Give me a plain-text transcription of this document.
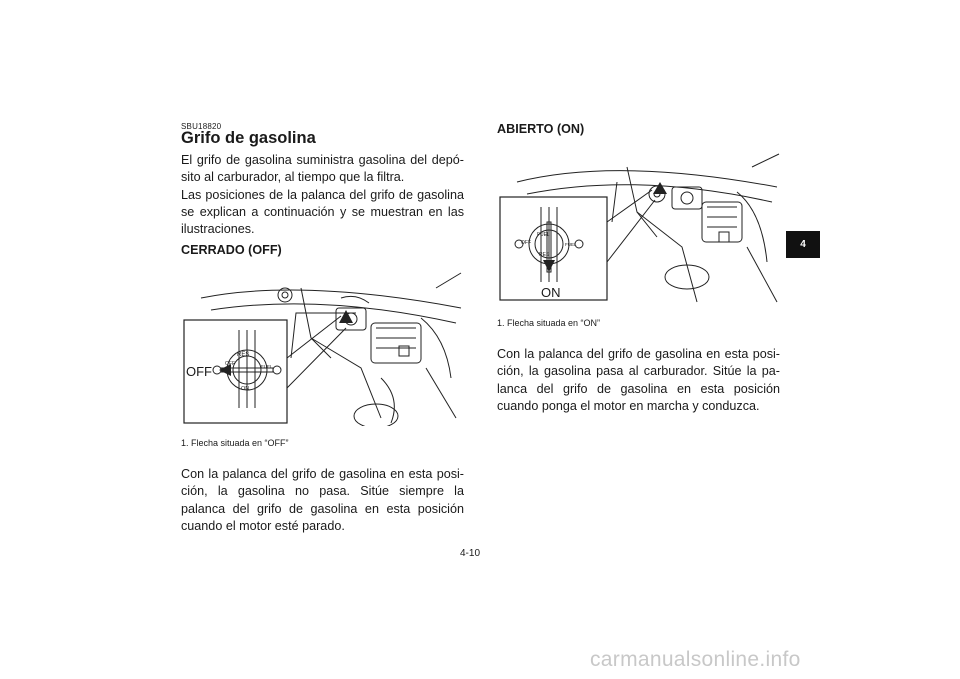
SBU18820
Grifo de gasolina
El grifo de gasolina suministra gasolina del depó-sito al carburador, al tiempo que la filtra.
Las posiciones de la palanca del grifo de gasolina se explican a continuación y se muestran en las ilustraciones.
CERRADO (OFF)
RES
OFF	FUEL
ON
OFF
1. Flecha situada en “OFF”
Con la palanca del grifo de gasolina en esta posi-ción, la gasolina no pasa. Sitúe siempre la palanca del grifo de gasolina en esta posición cuando el motor esté parado.
ABIERTO (ON)
OFF
FUEL
FUEL
RES
ON
1. Flecha situada en “ON”
Con la palanca del grifo de gasolina en esta posi-ción, la gasolina pasa al carburador. Sitúe la pa-lanca del grifo de gasolina en esta posición cuando ponga el motor en marcha y conduzca.
4
4-10
carmanualsonline.info
